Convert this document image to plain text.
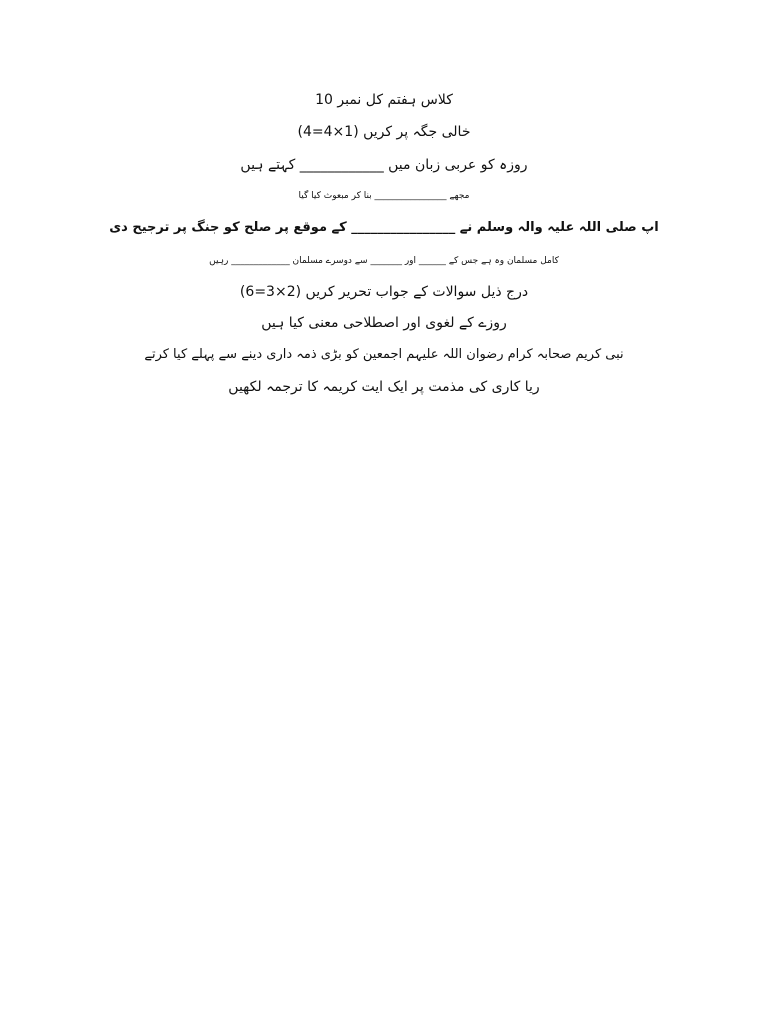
کلاس ہفتم کل نمبر 10
خالی جگہ پر کریں (1×4=4)
روزہ کو عربی زبان میں ____________ کہتے ہیں
مجھے ________________ بنا کر مبعوث کیا گیا
اپ صلی اللہ علیہ والہ وسلم نے ________________ کے موقع پر صلح کو جنگ پر ترجیح دی
کامل مسلمان وہ ہے جس کے ______ اور _______ سے دوسرے مسلمان _____________ رہیں
درج ذیل سوالات کے جواب تحریر کریں (2×3=6)
روزے کے لغوی اور اصطلاحی معنی کیا ہیں
نبی کریم صحابہ کرام رضوان اللہ علیہم اجمعین کو بڑی ذمہ داری دینے سے پہلے کیا کرتے
ریا کاری کی مذمت پر ایک ایت کریمہ کا ترجمہ لکھیں
